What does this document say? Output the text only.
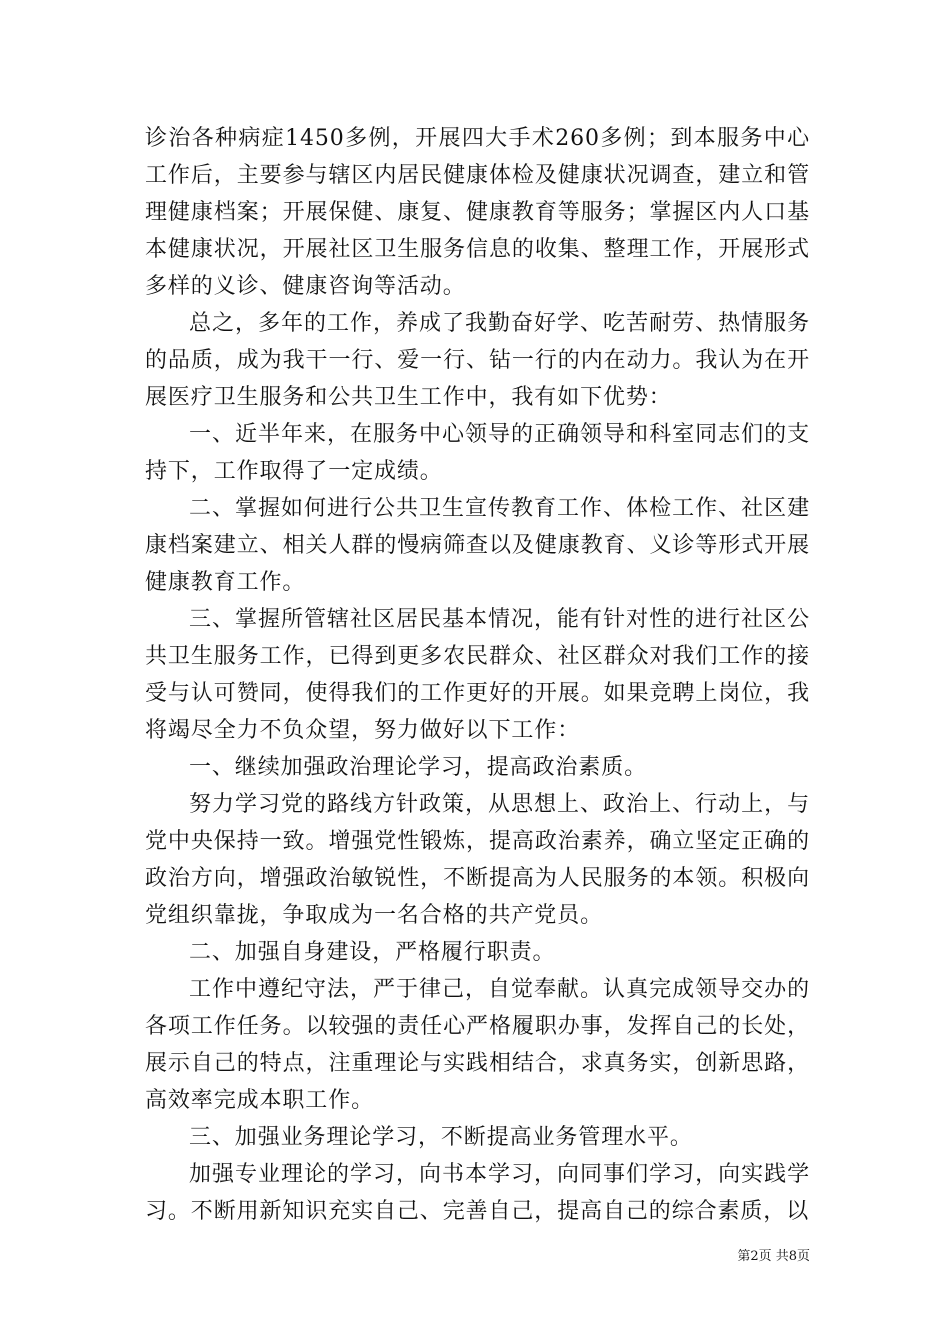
诊治各种病症1450多例，开展四大手术260多例；到本服务中心工作后，主要参与辖区内居民健康体检及健康状况调查，建立和管理健康档案；开展保健、康复、健康教育等服务；掌握区内人口基本健康状况，开展社区卫生服务信息的收集、整理工作，开展形式多样的义诊、健康咨询等活动。

总之，多年的工作，养成了我勤奋好学、吃苦耐劳、热情服务的品质，成为我干一行、爱一行、钻一行的内在动力。我认为在开展医疗卫生服务和公共卫生工作中，我有如下优势：

一、近半年来，在服务中心领导的正确领导和科室同志们的支持下，工作取得了一定成绩。

二、掌握如何进行公共卫生宣传教育工作、体检工作、社区建康档案建立、相关人群的慢病筛查以及健康教育、义诊等形式开展健康教育工作。

三、掌握所管辖社区居民基本情况，能有针对性的进行社区公共卫生服务工作，已得到更多农民群众、社区群众对我们工作的接受与认可赞同，使得我们的工作更好的开展。如果竞聘上岗位，我将竭尽全力不负众望，努力做好以下工作：

一、继续加强政治理论学习，提高政治素质。

努力学习党的路线方针政策，从思想上、政治上、行动上，与党中央保持一致。增强党性锻炼，提高政治素养，确立坚定正确的政治方向，增强政治敏锐性，不断提高为人民服务的本领。积极向党组织靠拢，争取成为一名合格的共产党员。

二、加强自身建设，严格履行职责。

工作中遵纪守法，严于律己，自觉奉献。认真完成领导交办的各项工作任务。以较强的责任心严格履职办事，发挥自己的长处，展示自己的特点，注重理论与实践相结合，求真务实，创新思路，高效率完成本职工作。

三、加强业务理论学习，不断提高业务管理水平。

加强专业理论的学习，向书本学习，向同事们学习，向实践学习。不断用新知识充实自己、完善自己，提高自己的综合素质，以

第2页 共8页
